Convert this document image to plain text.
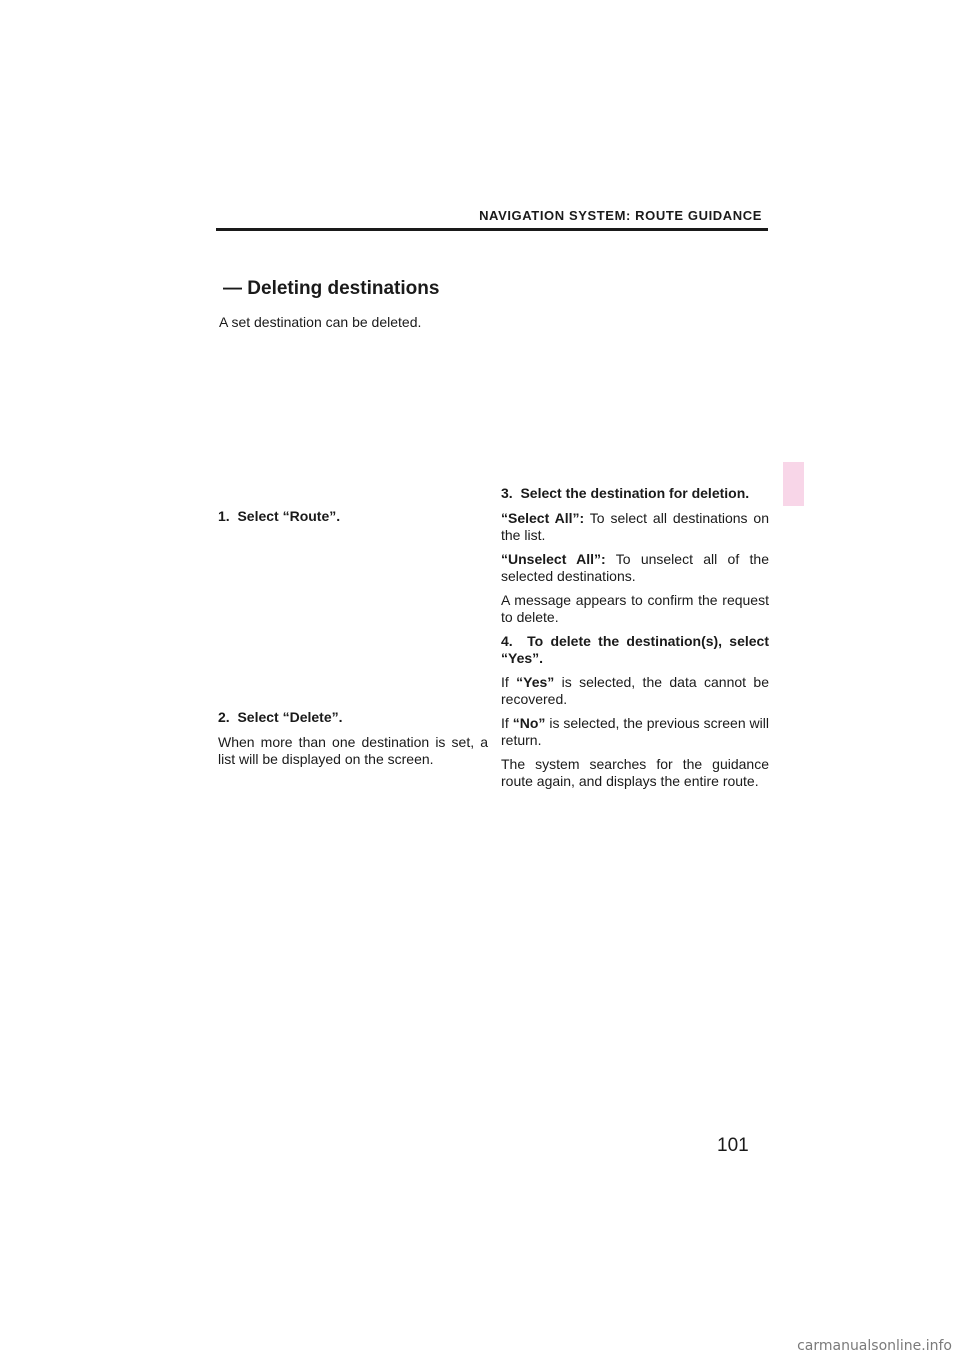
NAVIGATION SYSTEM: ROUTE GUIDANCE
— Deleting destinations
A set destination can be deleted.

1.  Select “Route”.

2.  Select “Delete”.

When more than one destination is set, a list will be displayed on the screen.

3.  Select the destination for deletion.

“Select All”: To select all destinations on the list.

“Unselect All”: To unselect all of the selected destinations.

A message appears to confirm the request to delete.

4.  To delete the destination(s), select “Yes”.

If “Yes” is selected, the data cannot be recovered.

If “No” is selected, the previous screen will return.

The system searches for the guidance route again, and displays the entire route.

101
carmanualsonline.info
